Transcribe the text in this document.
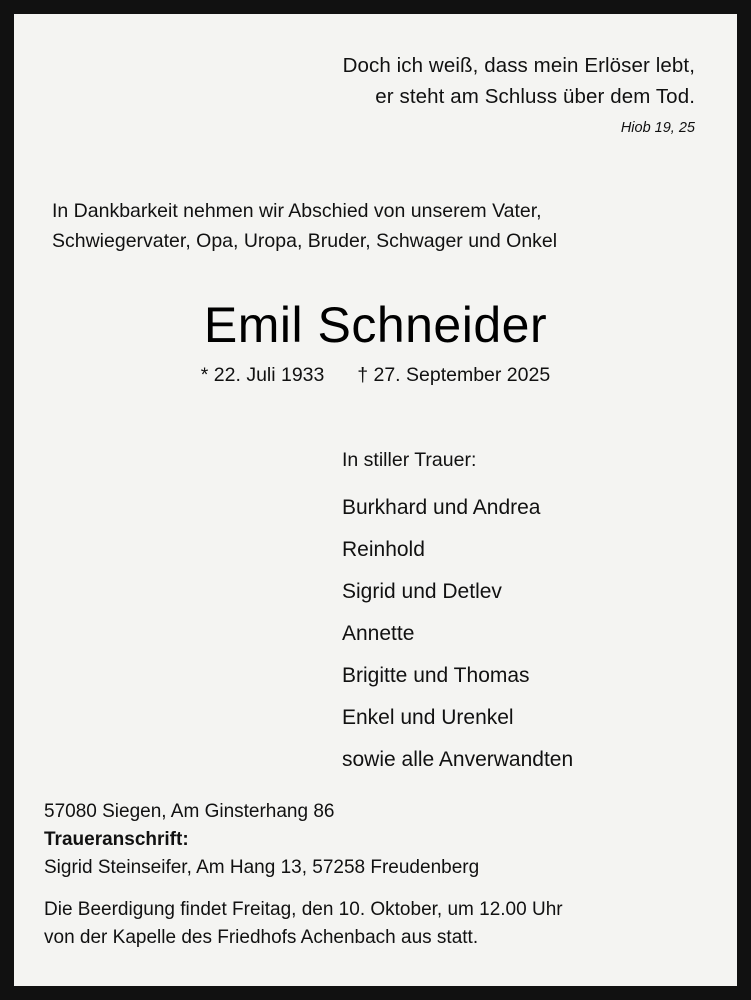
Doch ich weiß, dass mein Erlöser lebt,
er steht am Schluss über dem Tod.
Hiob 19, 25
In Dankbarkeit nehmen wir Abschied von unserem Vater,
Schwiegervater, Opa, Uropa, Bruder, Schwager und Onkel
Emil Schneider
* 22. Juli 1933 † 27. September 2025
In stiller Trauer:
Burkhard und Andrea
Reinhold
Sigrid und Detlev
Annette
Brigitte und Thomas
Enkel und Urenkel
sowie alle Anverwandten
57080 Siegen, Am Ginsterhang 86
Traueranschrift:
Sigrid Steinseifer, Am Hang 13, 57258 Freudenberg
Die Beerdigung findet Freitag, den 10. Oktober, um 12.00 Uhr
von der Kapelle des Friedhofs Achenbach aus statt.
